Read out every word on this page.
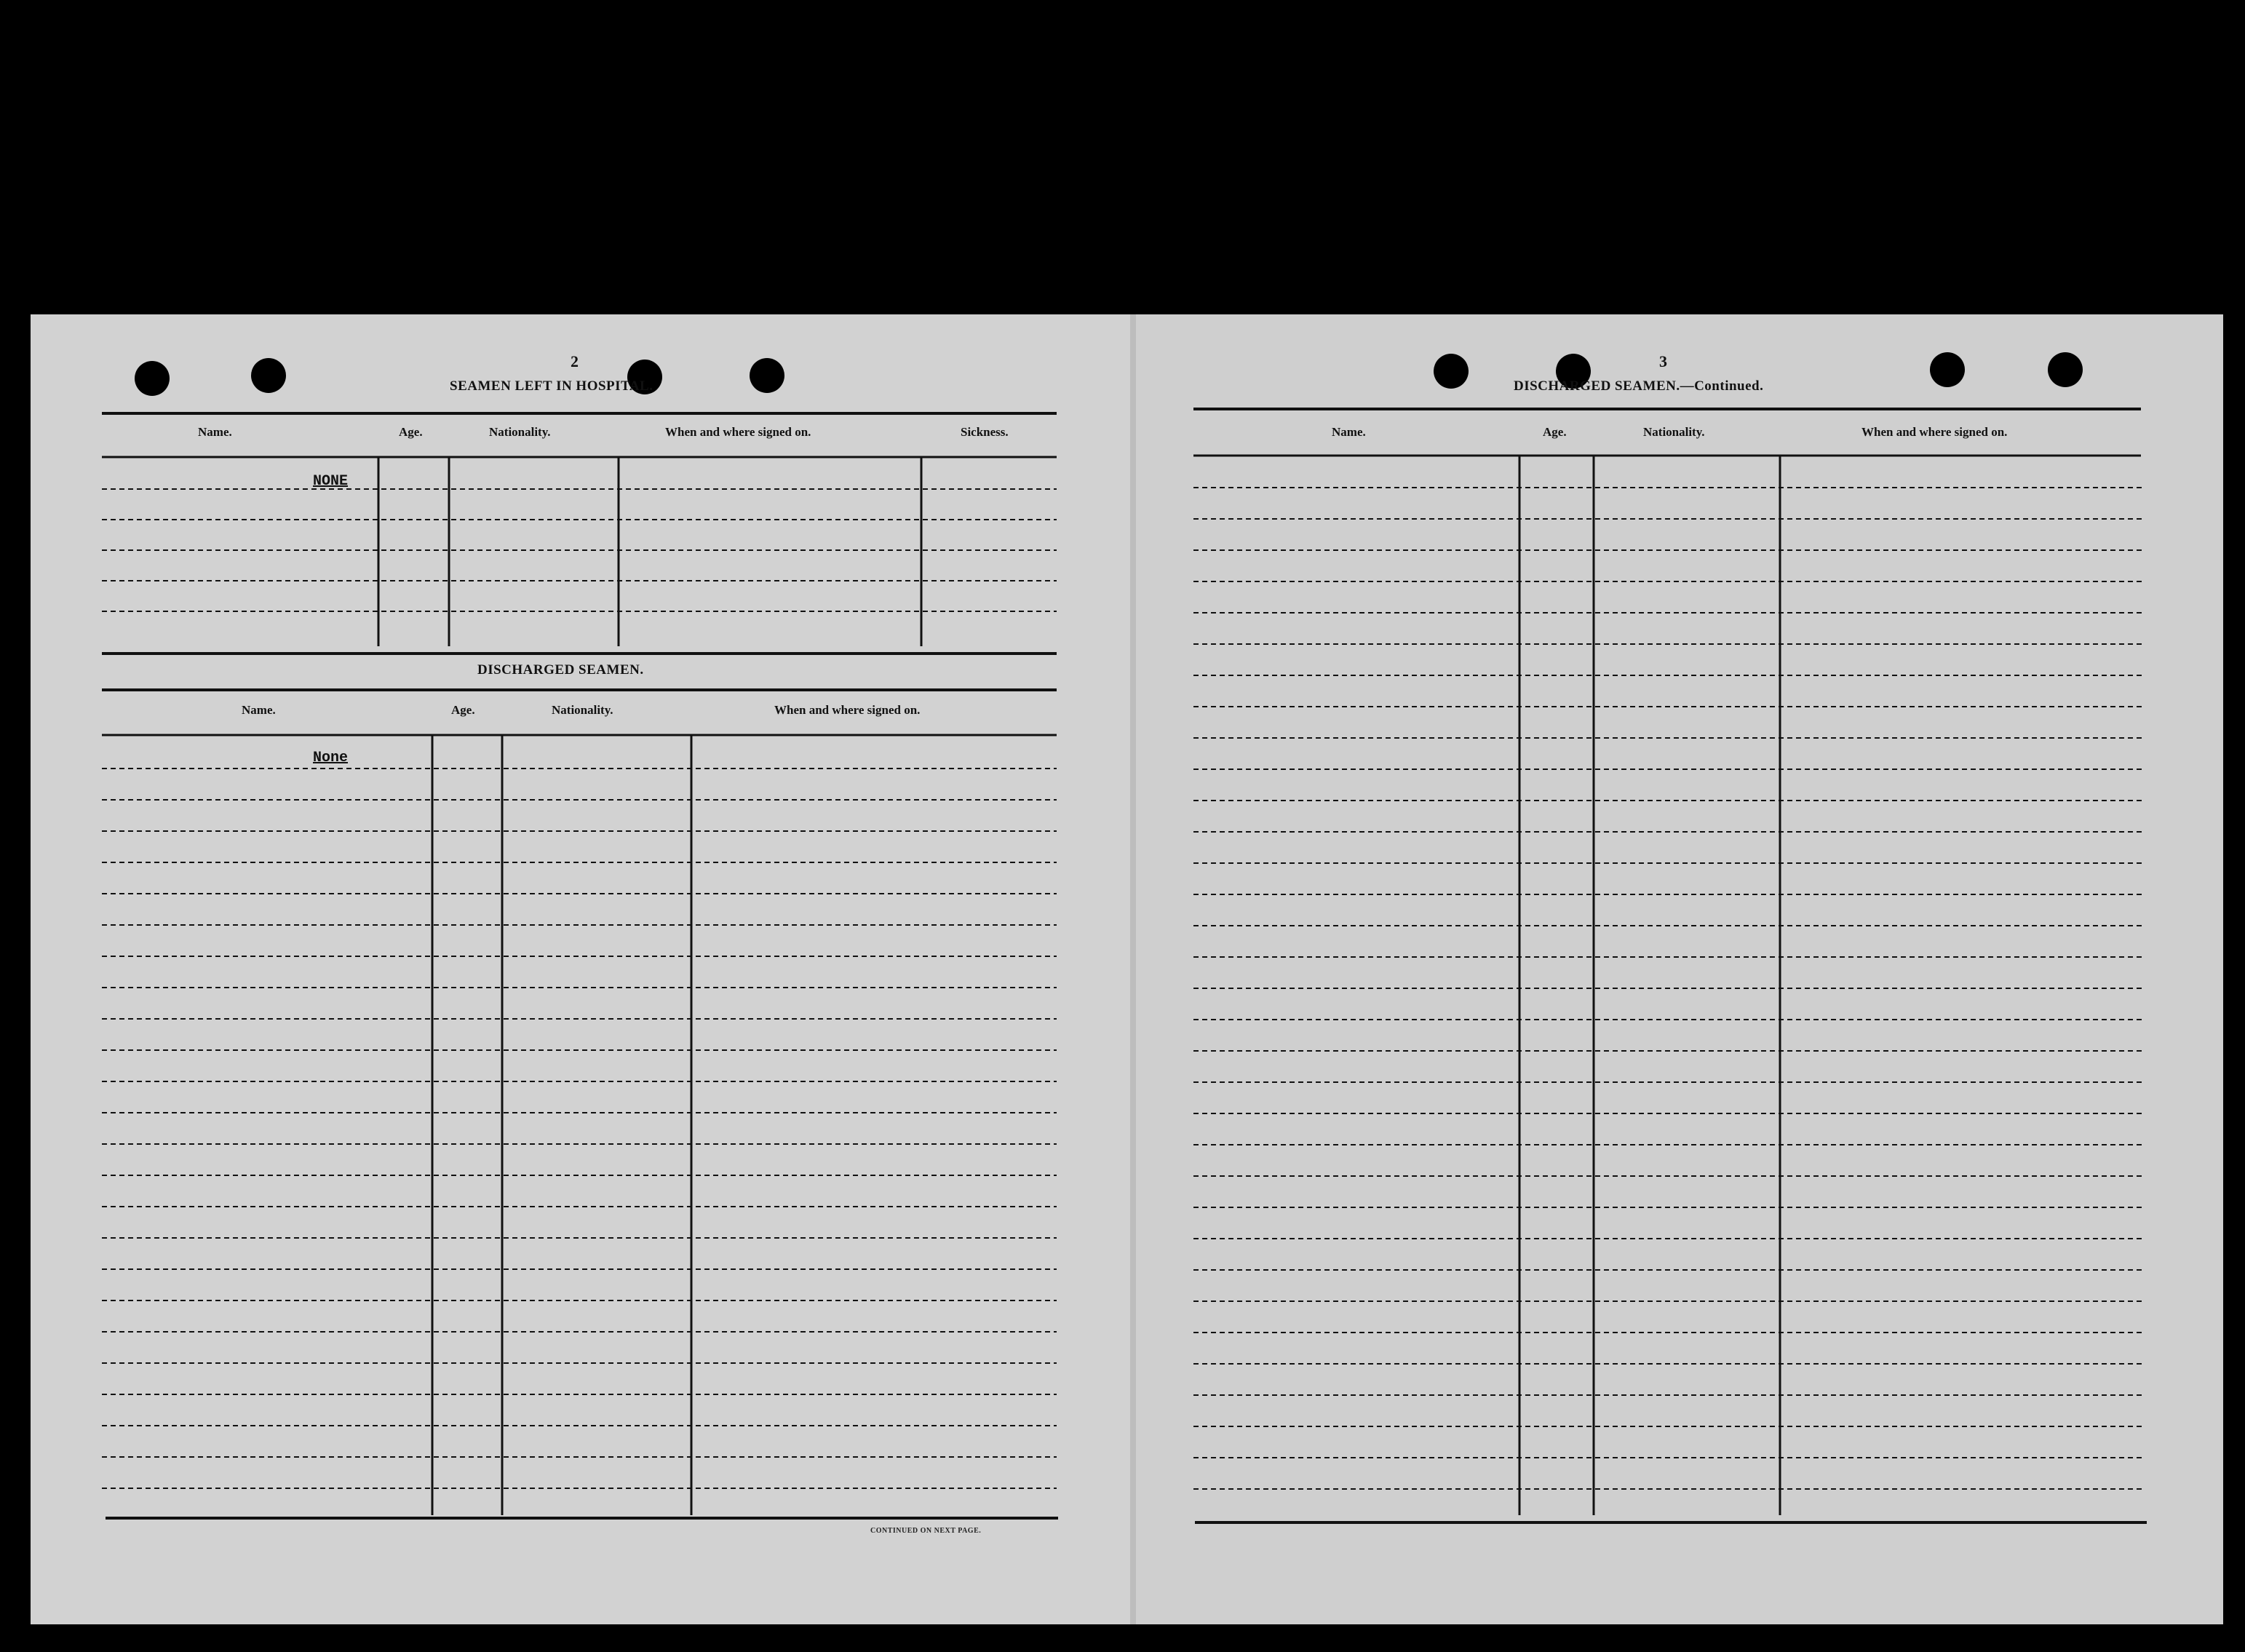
2
SEAMEN LEFT IN HOSPITAL.
Name.	Age.	Nationality.	When and where signed on.	Sickness.
NONE
DISCHARGED SEAMEN.
Name.	Age.	Nationality.	When and where signed on.
None
CONTINUED ON NEXT PAGE.
3
DISCHARGED SEAMEN.—Continued.
Name.	Age.	Nationality.	When and where signed on.
